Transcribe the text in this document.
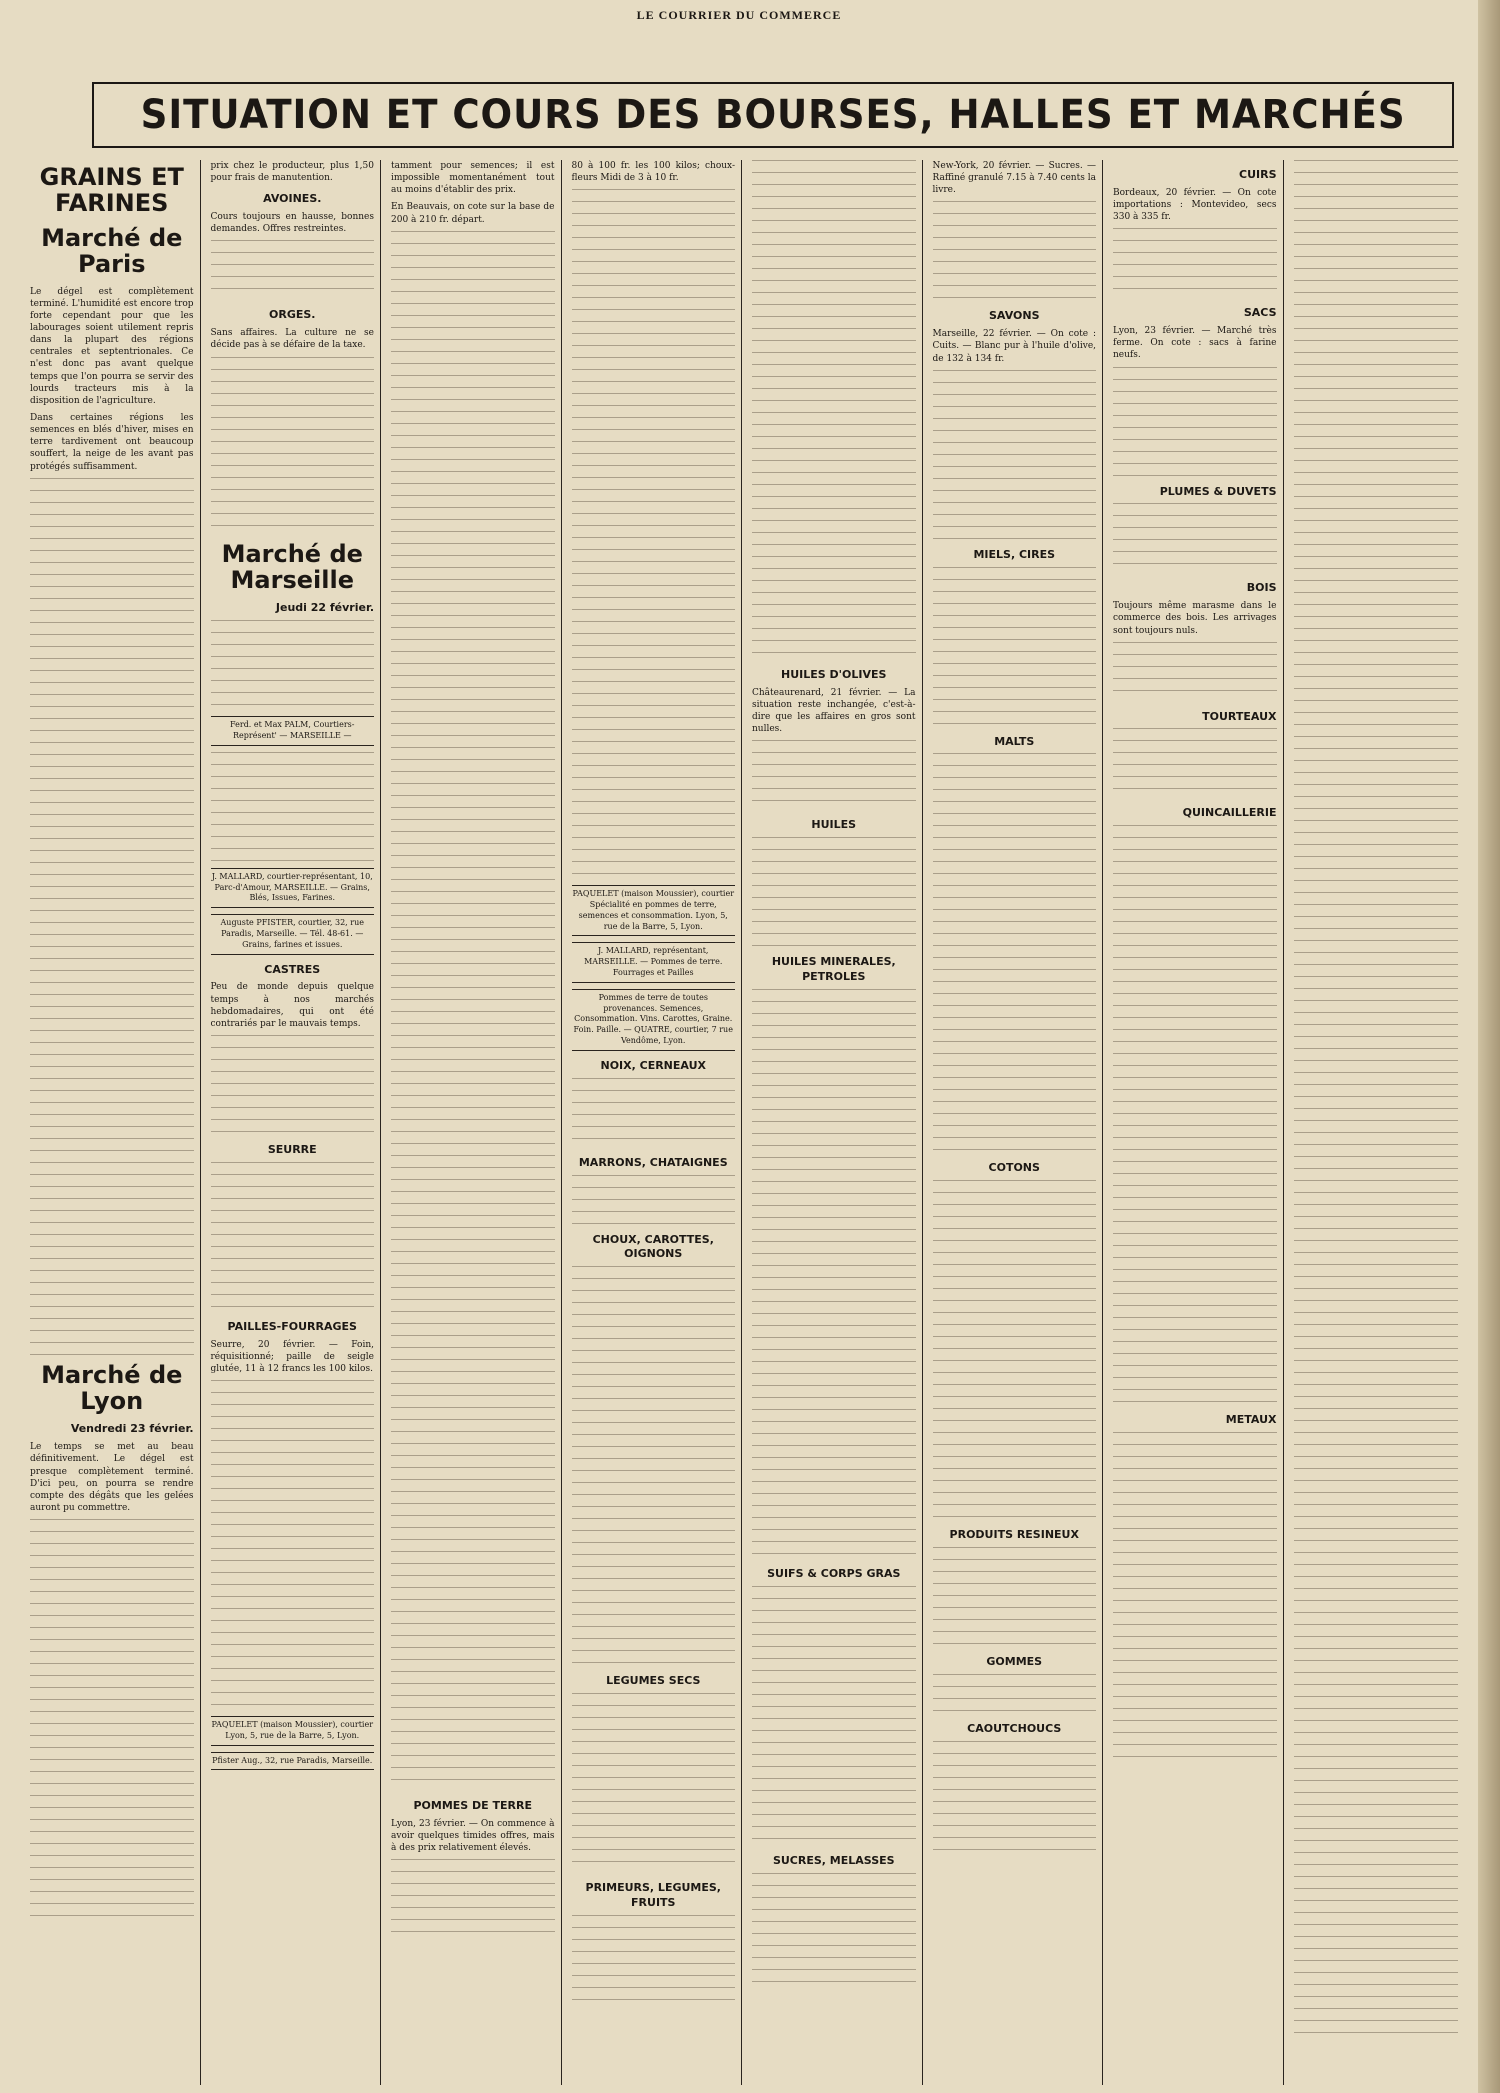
LE COURRIER DU COMMERCE
SITUATION ET COURS DES BOURSES, HALLES ET MARCHÉS
GRAINS ET FARINES
Marché de Paris

Le dégel est complètement terminé. L'humidité est encore trop forte cependant pour que les labourages soient utilement repris dans la plupart des régions centrales et septentrionales. Ce n'est donc pas avant quelque temps que l'on pourra se servir des lourds tracteurs mis à la disposition de l'agriculture.

Dans certaines régions les semences en blés d'hiver, mises en terre tardivement ont beaucoup souffert, la neige de les avant pas protégés suffisamment.

Marché de Lyon
Vendredi 23 février.

Le temps se met au beau définitivement. Le dégel est presque complètement terminé. D'ici peu, on pourra se rendre compte des dégâts que les gelées auront pu commettre.

prix chez le producteur, plus 1,50 pour frais de manutention.

AVOINES.

Cours toujours en hausse, bonnes demandes. Offres restreintes.

ORGES.

Sans affaires. La culture ne se décide pas à se défaire de la taxe.

Marché de Marseille
Jeudi 22 février.
Ferd. et Max PALM, Courtiers-Représent' — MARSEILLE —
J. MALLARD, courtier-représentant, 10, Parc-d'Amour, MARSEILLE. — Grains, Blés, Issues, Farines.
Auguste PFISTER, courtier, 32, rue Paradis, Marseille. — Tél. 48-61. — Grains, farines et issues.
CASTRES

Peu de monde depuis quelque temps à nos marchés hebdomadaires, qui ont été contrariés par le mauvais temps.

SEURRE
PAILLES-FOURRAGES

Seurre, 20 février. — Foin, réquisitionné; paille de seigle glutée, 11 à 12 francs les 100 kilos.

PAQUELET (maison Moussier), courtier Lyon, 5, rue de la Barre, 5, Lyon.
Pfister Aug., 32, rue Paradis, Marseille.

tamment pour semences; il est impossible momentanément tout au moins d'établir des prix.

En Beauvais, on cote sur la base de 200 à 210 fr. départ.

POMMES DE TERRE

Lyon, 23 février. — On commence à avoir quelques timides offres, mais à des prix relativement élevés.

80 à 100 fr. les 100 kilos; choux-fleurs Midi de 3 à 10 fr.

PAQUELET (maison Moussier), courtier Spécialité en pommes de terre, semences et consommation. Lyon, 5, rue de la Barre, 5, Lyon.
J. MALLARD, représentant, MARSEILLE. — Pommes de terre. Fourrages et Pailles
Pommes de terre de toutes provenances. Semences, Consommation. Vins. Carottes, Graine. Foin. Paille. — QUATRE, courtier, 7 rue Vendôme, Lyon.
NOIX, CERNEAUX
MARRONS, CHATAIGNES
CHOUX, CAROTTES, OIGNONS
LEGUMES SECS
PRIMEURS, LEGUMES, FRUITS
HUILES D'OLIVES

Châteaurenard, 21 février. — La situation reste inchangée, c'est-à-dire que les affaires en gros sont nulles.

HUILES
HUILES MINERALES, PETROLES
SUIFS & CORPS GRAS
SUCRES, MELASSES

New-York, 20 février. — Sucres. — Raffiné granulé 7.15 à 7.40 cents la livre.

SAVONS

Marseille, 22 février. — On cote : Cuits. — Blanc pur à l'huile d'olive, de 132 à 134 fr.

MIELS, CIRES
MALTS
COTONS
PRODUITS RESINEUX
GOMMES
CAOUTCHOUCS
CUIRS

Bordeaux, 20 février. — On cote importations : Montevideo, secs 330 à 335 fr.

SACS

Lyon, 23 février. — Marché très ferme. On cote : sacs à farine neufs.

PLUMES & DUVETS
BOIS

Toujours même marasme dans le commerce des bois. Les arrivages sont toujours nuls.

TOURTEAUX
QUINCAILLERIE
METAUX
